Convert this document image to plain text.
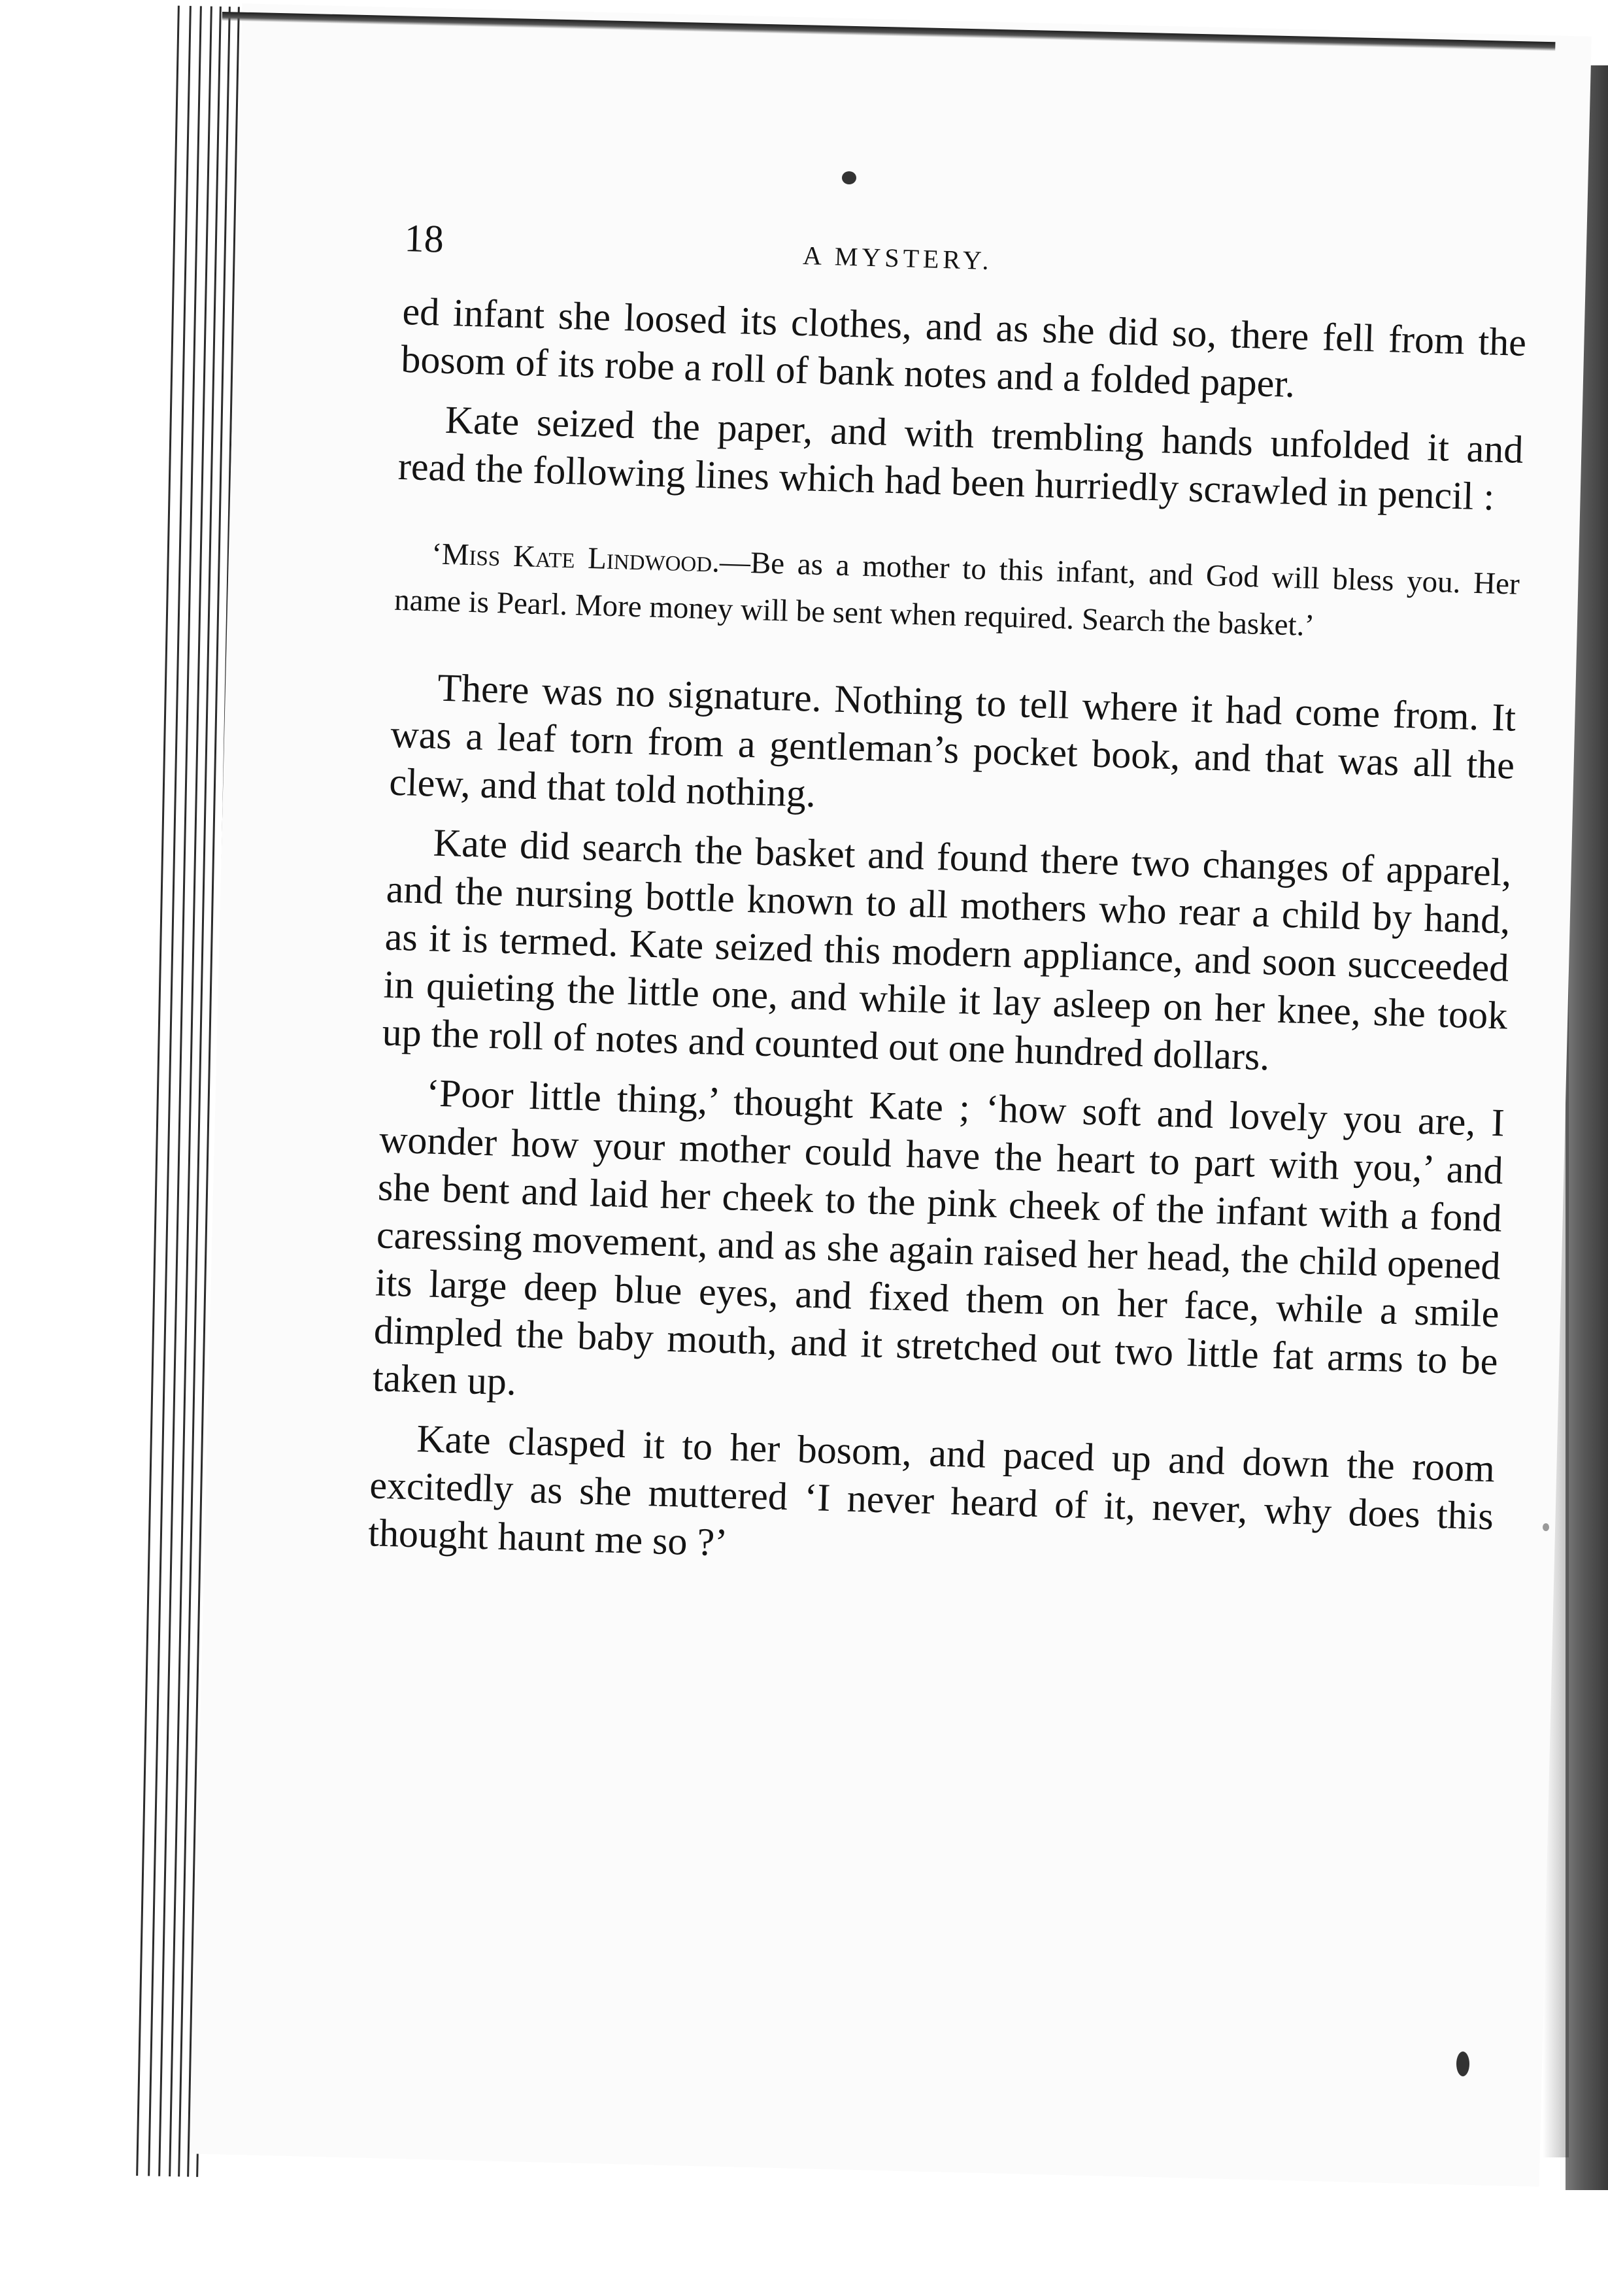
18	A MYSTERY.

ed infant she loosed its clothes, and as she did so, there fell from the bosom of its robe a roll of bank notes and a folded paper.

Kate seized the paper, and with trembling hands unfolded it and read the following lines which had been hurriedly scrawled in pencil :

‘Miss Kate Lindwood.—Be as a mother to this infant, and God will bless you. Her name is Pearl. More money will be sent when required. Search the basket.’

There was no signature. Nothing to tell where it had come from. It was a leaf torn from a gentleman’s pocket book, and that was all the clew, and that told nothing.

Kate did search the basket and found there two changes of apparel, and the nursing bottle known to all mothers who rear a child by hand, as it is termed. Kate seized this modern appliance, and soon succeeded in quieting the little one, and while it lay asleep on her knee, she took up the roll of notes and counted out one hundred dollars.

‘Poor little thing,’ thought Kate ; ‘how soft and lovely you are, I wonder how your mother could have the heart to part with you,’ and she bent and laid her cheek to the pink cheek of the infant with a fond caressing movement, and as she again raised her head, the child opened its large deep blue eyes, and fixed them on her face, while a smile dimpled the baby mouth, and it stretched out two little fat arms to be taken up.

Kate clasped it to her bosom, and paced up and down the room excitedly as she muttered ‘I never heard of it, never, why does this thought haunt me so ?’
